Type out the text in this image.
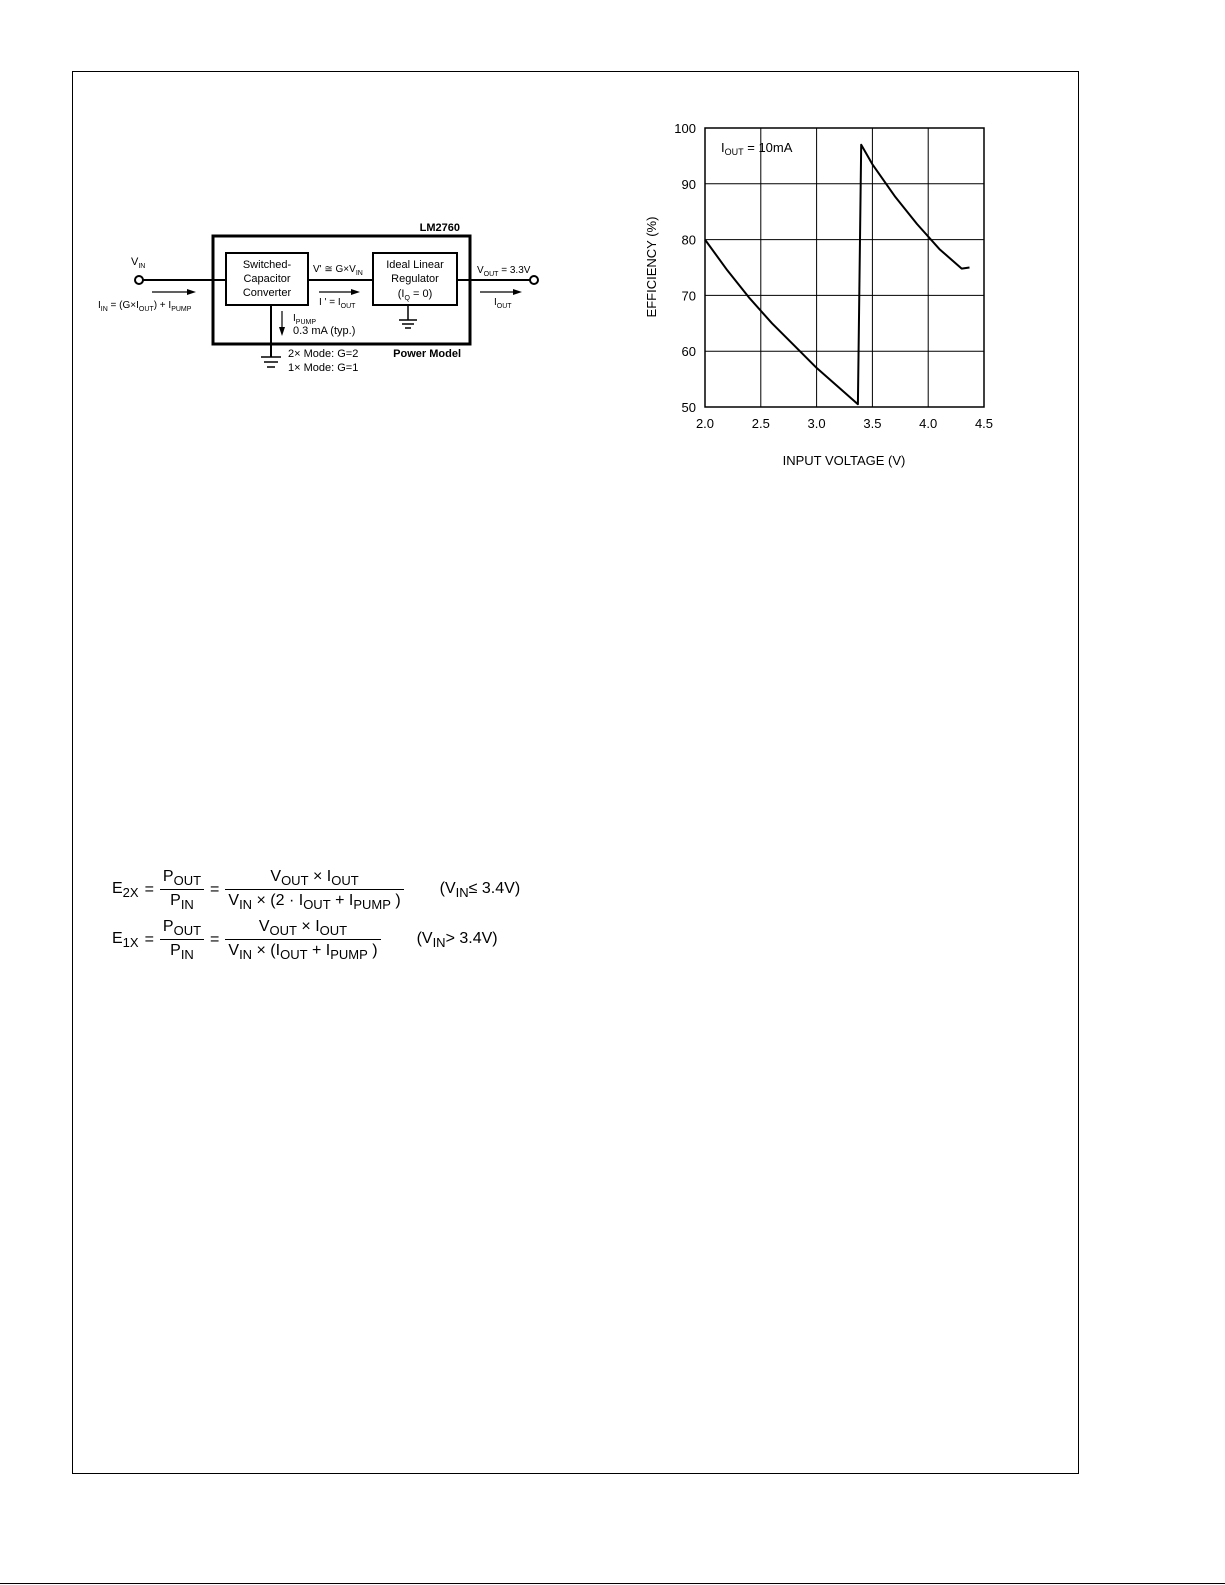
LM2760
Power Model
$V_{IN}$
$I_{IN} = (G\times I_{OUT}) + I_{PUMP}$
Switched-
Capacitor
Converter
V' ≅ $G\times V_{IN}$
I ' = $I_{OUT}$
Ideal Linear
Regulator
$(I_Q = 0)$
$V_{OUT} = 3.3V$
$I_{OUT}$
$I_{PUMP}$
0.3 mA (typ.)
2× Mode: G=2
1× Mode: G=1
2.0	2.5	3.0	3.5	4.0	4.5
50
60
70
80
90
100
$I_{OUT} = 10mA$
INPUT VOLTAGE (V)
EFFICIENCY (%)
$E_{2X} = \frac{P_{OUT}}{P_{IN}} = \frac{V_{OUT} \times I_{OUT}}{V_{IN} \times (2 \cdot I_{OUT} + I_{PUMP} )} (V_{IN}\le 3.4V)$
$E_{1X} = \frac{P_{OUT}}{P_{IN}} = \frac{V_{OUT} \times I_{OUT}}{V_{IN} \times (I_{OUT} + I_{PUMP} )} (V_{IN}> 3.4V)$
